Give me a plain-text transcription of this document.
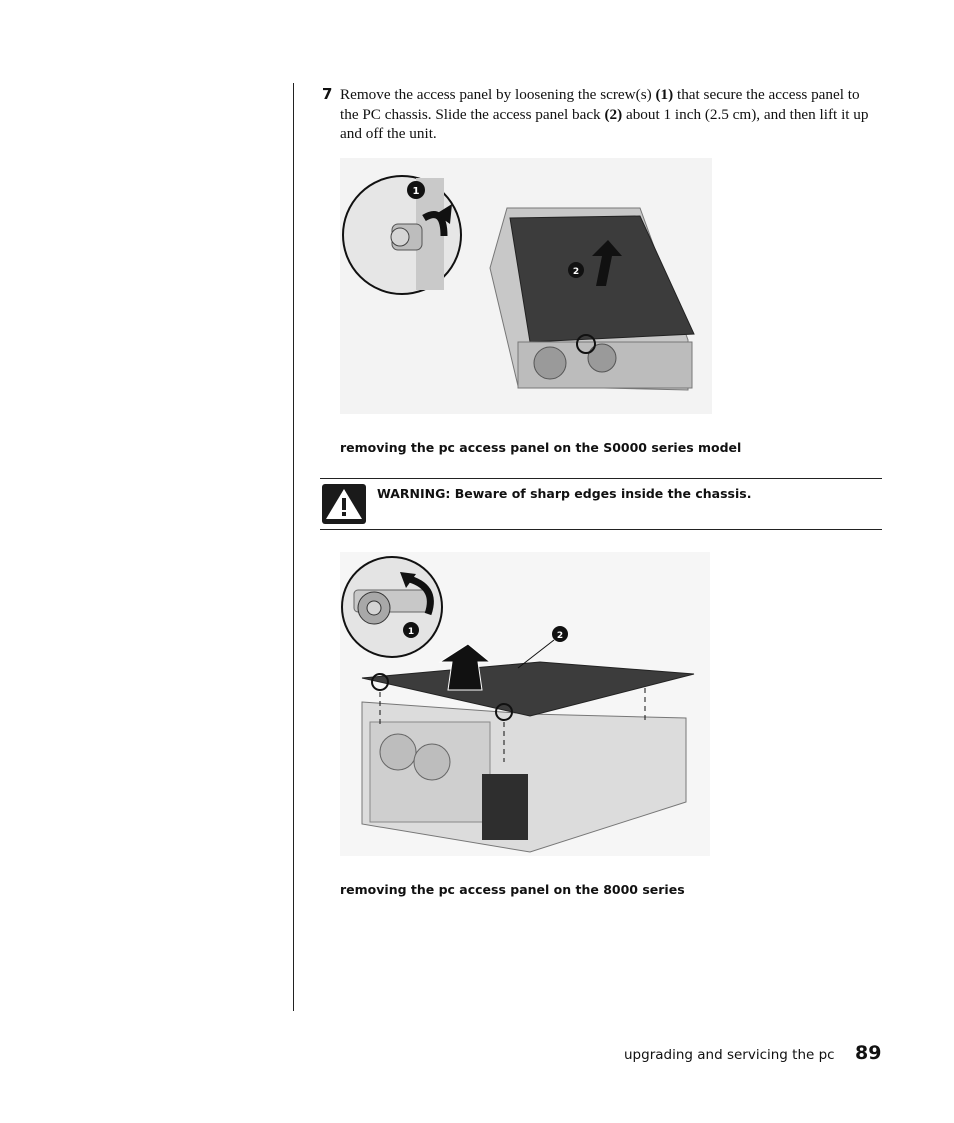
7 Remove the access panel by loosening the screw(s) (1) that secure the access panel to the PC chassis. Slide the access panel back (2) about 1 inch (2.5 cm), and then lift it up and off the unit.
1
2
removing the pc access panel on the S0000 series model
WARNING: Beware of sharp edges inside the chassis.
1	2
removing the pc access panel on the 8000 series
upgrading and servicing the pc 89
